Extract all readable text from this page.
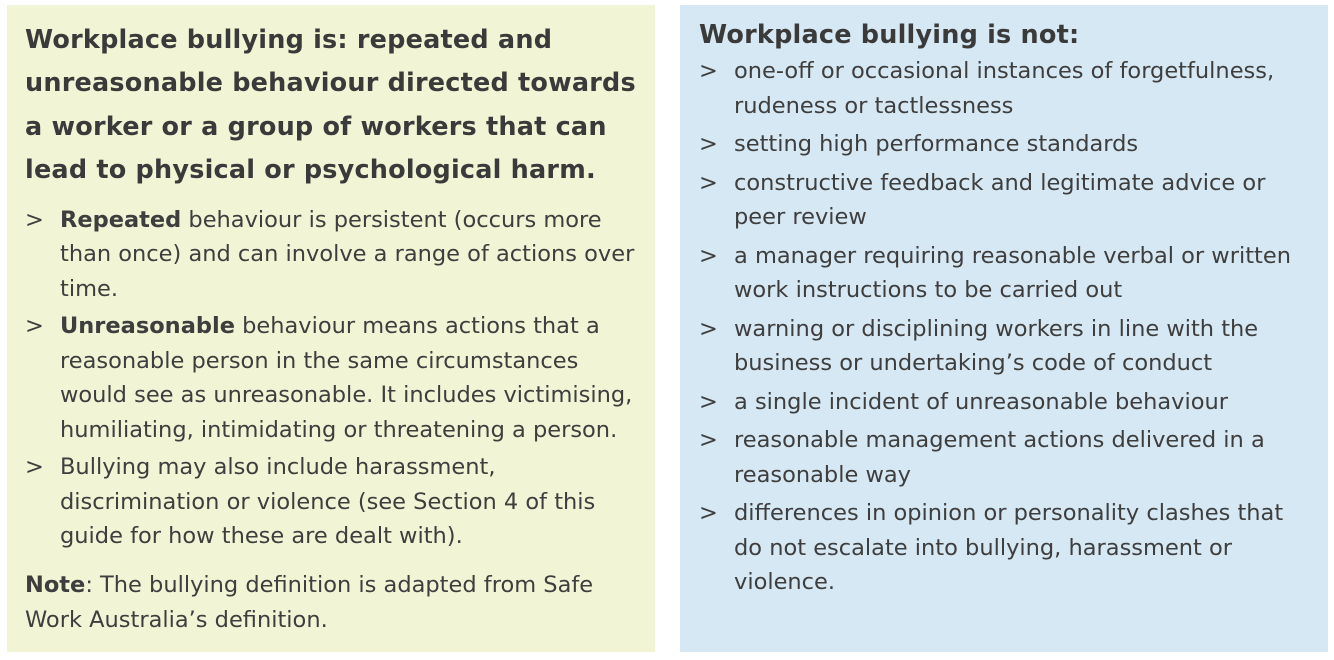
Workplace bullying is: repeated and unreasonable behaviour directed towards a worker or a group of workers that can lead to physical or psychological harm.
> Repeated behaviour is persistent (occurs more than once) and can involve a range of actions over time.
> Unreasonable behaviour means actions that a reasonable person in the same circumstances would see as unreasonable. It includes victimising, humiliating, intimidating or threatening a person.
> Bullying may also include harassment, discrimination or violence (see Section 4 of this guide for how these are dealt with).
Note: The bullying definition is adapted from Safe Work Australia’s definition.
Workplace bullying is not:
> one-off or occasional instances of forgetfulness, rudeness or tactlessness
> setting high performance standards
> constructive feedback and legitimate advice or peer review
> a manager requiring reasonable verbal or written work instructions to be carried out
> warning or disciplining workers in line with the business or undertaking’s code of conduct
> a single incident of unreasonable behaviour
> reasonable management actions delivered in a reasonable way
> differences in opinion or personality clashes that do not escalate into bullying, harassment or violence.
